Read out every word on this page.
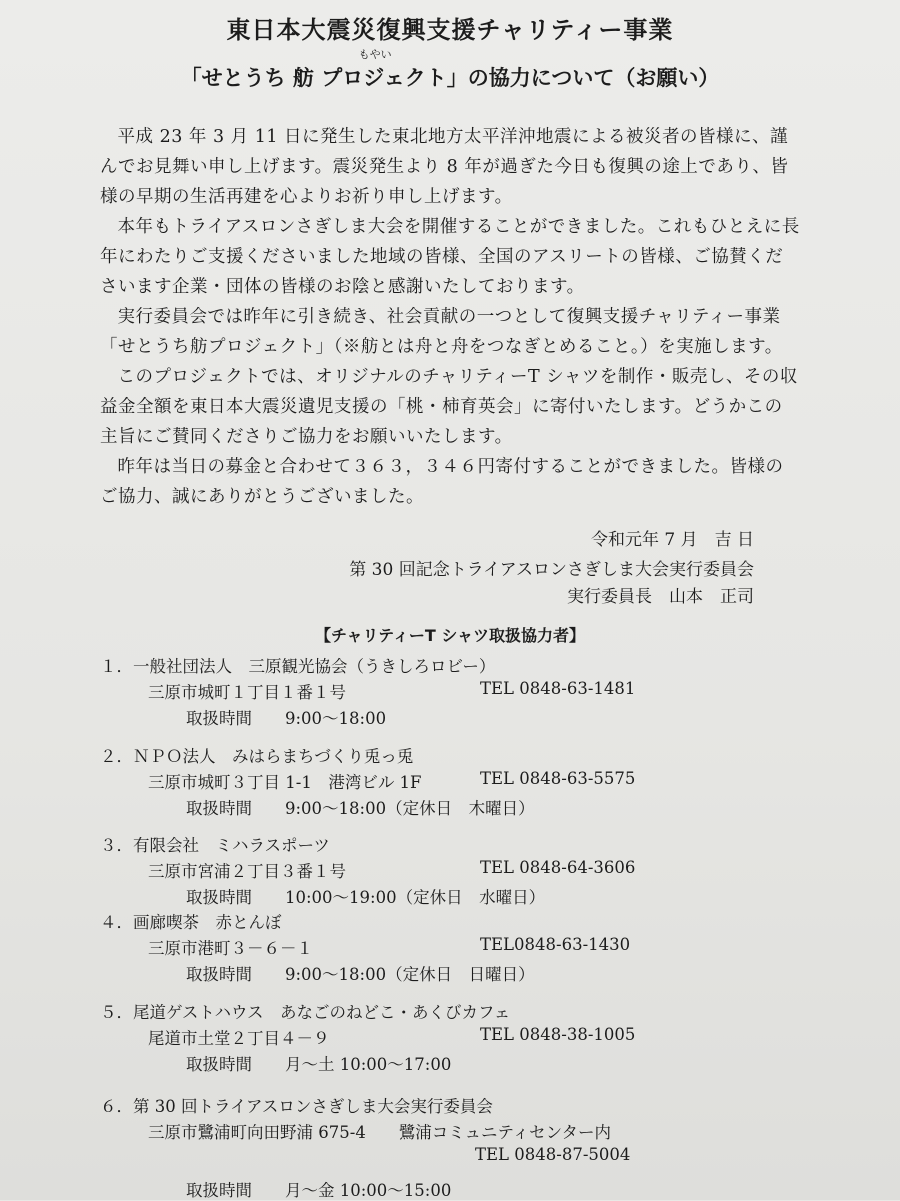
東日本大震災復興支援チャリティー事業
もやい
「せとうち 舫 プロジェクト」の協力について（お願い）

平成 23 年 3 月 11 日に発生した東北地方太平洋沖地震による被災者の皆様に、謹んでお見舞い申し上げます。震災発生より 8 年が過ぎた今日も復興の途上であり、皆様の早期の生活再建を心よりお祈り申し上げます。

本年もトライアスロンさぎしま大会を開催することができました。これもひとえに長年にわたりご支援くださいました地域の皆様、全国のアスリートの皆様、ご協賛くださいます企業・団体の皆様のお陰と感謝いたしております。

実行委員会では昨年に引き続き、社会貢献の一つとして復興支援チャリティー事業「せとうち舫プロジェクト」（※舫とは舟と舟をつなぎとめること。）を実施します。

このプロジェクトでは、オリジナルのチャリティーT シャツを制作・販売し、その収益金全額を東日本大震災遺児支援の「桃・柿育英会」に寄付いたします。どうかこの主旨にご賛同くださりご協力をお願いいたします。

昨年は当日の募金と合わせて３６３，３４６円寄付することができました。皆様のご協力、誠にありがとうございました。

令和元年 7 月　吉 日
第 30 回記念トライアスロンさぎしま大会実行委員会
実行委員長　山本　正司
【チャリティーT シャツ取扱協力者】
１．一般社団法人　三原観光協会（うきしろロビー）
三原市城町１丁目１番１号	TEL 0848-63-1481
取扱時間　　9:00～18:00
２．ＮＰＯ法人　みはらまちづくり兎っ兎
三原市城町３丁目 1-1　港湾ビル 1F	TEL 0848-63-5575
取扱時間　　9:00～18:00（定休日　木曜日）
３．有限会社　ミハラスポーツ
三原市宮浦２丁目３番１号	TEL 0848-64-3606
取扱時間　　10:00～19:00（定休日　水曜日）
４．画廊喫茶　赤とんぼ
三原市港町３－６－１	TEL0848-63-1430
取扱時間　　9:00～18:00（定休日　日曜日）
５．尾道ゲストハウス　あなごのねどこ・あくびカフェ
尾道市土堂２丁目４－９	TEL 0848-38-1005
取扱時間　　月～土 10:00～17:00
６．第 30 回トライアスロンさぎしま大会実行委員会
三原市鷺浦町向田野浦 675-4　　鷺浦コミュニティセンター内
TEL 0848-87-5004
取扱時間　　月～金 10:00～15:00
